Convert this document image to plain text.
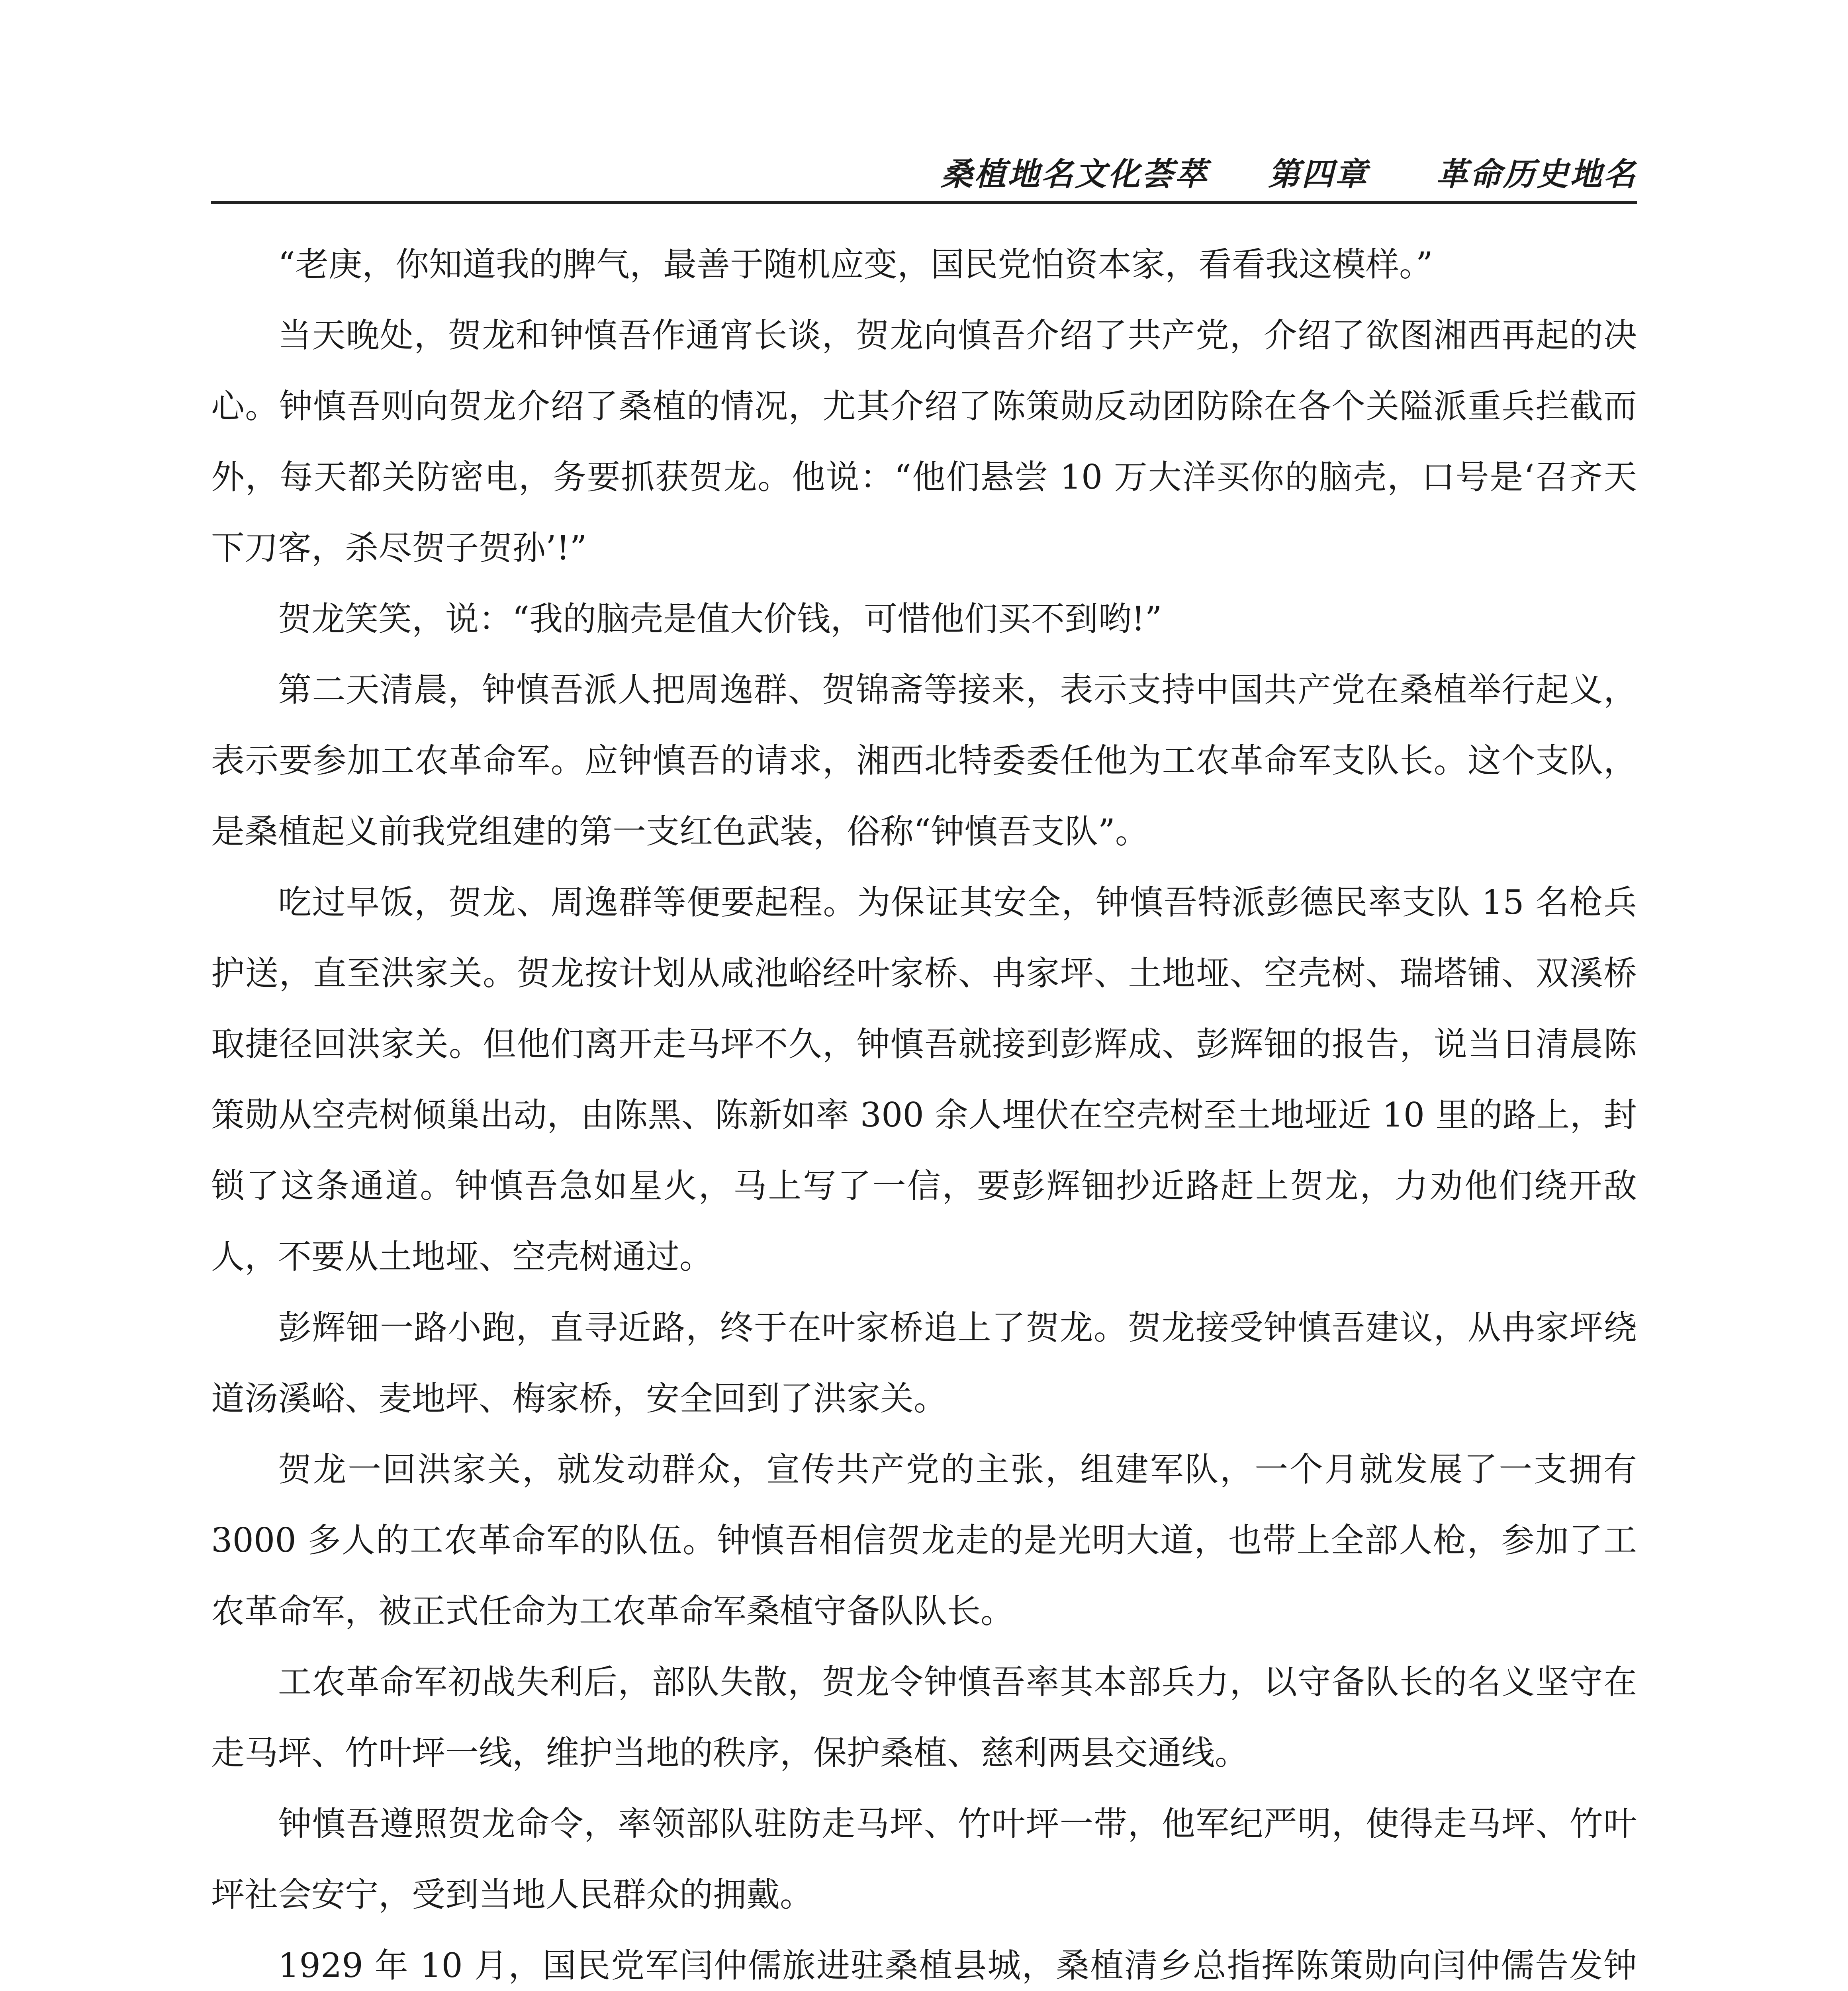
桑植地名文化荟萃 第四章 革命历史地名

“老庚，你知道我的脾气，最善于随机应变，国民党怕资本家，看看我这模样。”

当天晚处，贺龙和钟慎吾作通宵长谈，贺龙向慎吾介绍了共产党，介绍了欲图湘西再起的决心。钟慎吾则向贺龙介绍了桑植的情况，尤其介绍了陈策勋反动团防除在各个关隘派重兵拦截而外，每天都关防密电，务要抓获贺龙。他说：“他们悬尝 10 万大洋买你的脑壳，口号是‘召齐天下刀客，杀尽贺子贺孙’!”

贺龙笑笑，说：“我的脑壳是值大价钱，可惜他们买不到哟!”

第二天清晨，钟慎吾派人把周逸群、贺锦斋等接来，表示支持中国共产党在桑植举行起义，表示要参加工农革命军。应钟慎吾的请求，湘西北特委委任他为工农革命军支队长。这个支队，是桑植起义前我党组建的第一支红色武装，俗称“钟慎吾支队”。

吃过早饭，贺龙、周逸群等便要起程。为保证其安全，钟慎吾特派彭德民率支队 15 名枪兵护送，直至洪家关。贺龙按计划从咸池峪经叶家桥、冉家坪、土地垭、空壳树、瑞塔铺、双溪桥取捷径回洪家关。但他们离开走马坪不久，钟慎吾就接到彭辉成、彭辉钿的报告，说当日清晨陈策勋从空壳树倾巢出动，由陈黑、陈新如率 300 余人埋伏在空壳树至土地垭近 10 里的路上，封锁了这条通道。钟慎吾急如星火，马上写了一信，要彭辉钿抄近路赶上贺龙，力劝他们绕开敌人，不要从土地垭、空壳树通过。

彭辉钿一路小跑，直寻近路，终于在叶家桥追上了贺龙。贺龙接受钟慎吾建议，从冉家坪绕道汤溪峪、麦地坪、梅家桥，安全回到了洪家关。

贺龙一回洪家关，就发动群众，宣传共产党的主张，组建军队，一个月就发展了一支拥有 3000 多人的工农革命军的队伍。钟慎吾相信贺龙走的是光明大道，也带上全部人枪，参加了工农革命军，被正式任命为工农革命军桑植守备队队长。

工农革命军初战失利后，部队失散，贺龙令钟慎吾率其本部兵力，以守备队长的名义坚守在走马坪、竹叶坪一线，维护当地的秩序，保护桑植、慈利两县交通线。

钟慎吾遵照贺龙命令，率领部队驻防走马坪、竹叶坪一带，他军纪严明，使得走马坪、竹叶坪社会安宁，受到当地人民群众的拥戴。

1929 年 10 月，国民党军闫仲儒旅进驻桑植县城，桑植清乡总指挥陈策勋向闫仲儒告发钟
